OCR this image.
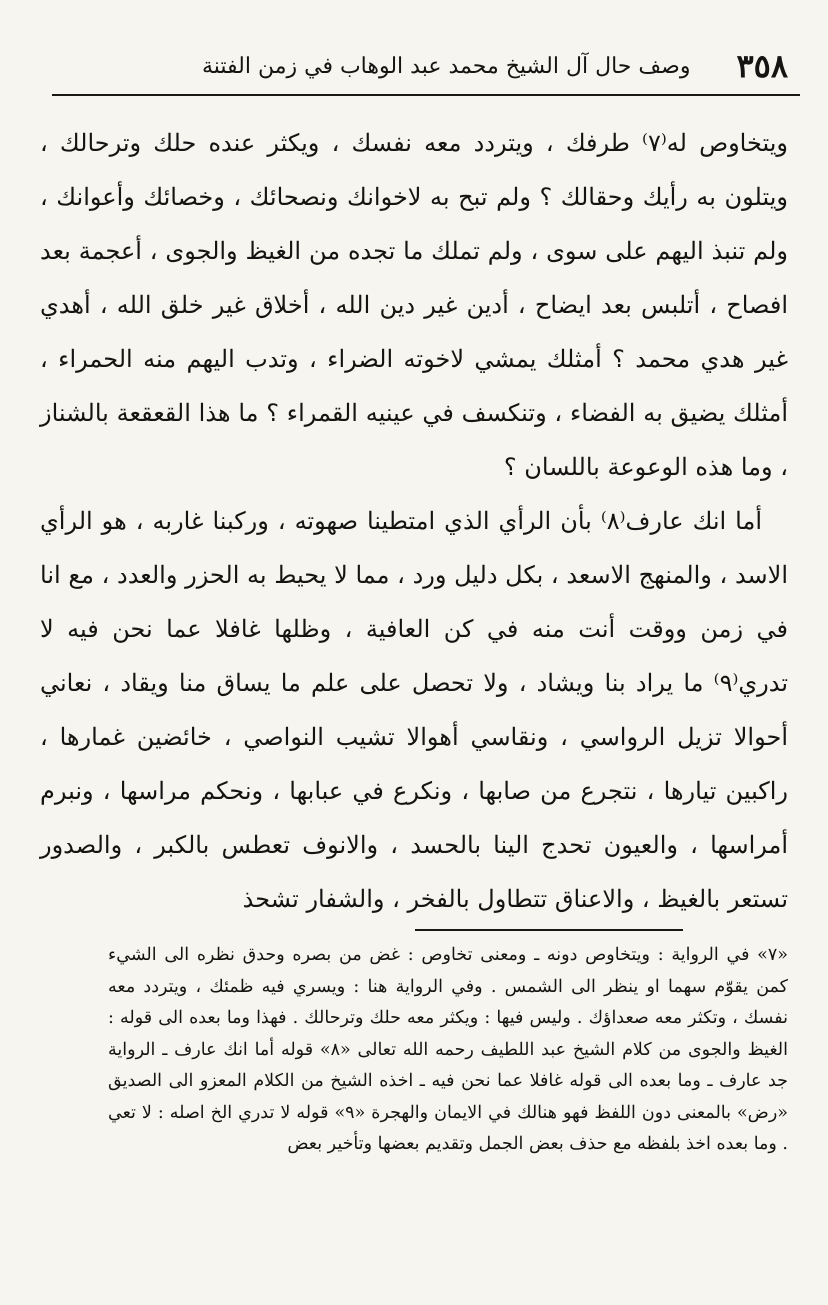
٣٥٨
وصف حال آل الشيخ محمد عبد الوهاب في زمن الفتنة

ويتخاوص له⁽٧⁾ طرفك ، ويتردد معه نفسك ، ويكثر عنده حلك وترحالك ، ويتلون به رأيك وحقالك ؟ ولم تبح به لاخوانك ونصحائك ، وخصائك وأعوانك ، ولم تنبذ اليهم على سوى ، ولم تملك ما تجده من الغيظ والجوى ، أعجمة بعد افصاح ، أتلبس بعد ايضاح ، أدين غير دين الله ، أخلاق غير خلق الله ، أهدي غير هدي محمد ؟ أمثلك يمشي لاخوته الضراء ، وتدب اليهم منه الحمراء ، أمثلك يضيق به الفضاء ، وتنكسف في عينيه القمراء ؟ ما هذا القعقعة بالشناز ، وما هذه الوعوعة باللسان ؟

أما انك عارف⁽٨⁾ بأن الرأي الذي امتطينا صهوته ، وركبنا غاربه ، هو الرأي الاسد ، والمنهج الاسعد ، بكل دليل ورد ، مما لا يحيط به الحزر والعدد ، مع انا في زمن ووقت أنت منه في كن العافية ، وظلها غافلا عما نحن فيه لا تدري⁽٩⁾ ما يراد بنا ويشاد ، ولا تحصل على علم ما يساق منا ويقاد ، نعاني أحوالا تزيل الرواسي ، ونقاسي أهوالا تشيب النواصي ، خائضين غمارها ، راكبين تيارها ، نتجرع من صابها ، ونكرع في عبابها ، ونحكم مراسها ، ونبرم أمراسها ، والعيون تحدج الينا بالحسد ، والانوف تعطس بالكبر ، والصدور تستعر بالغيظ ، والاعناق تتطاول بالفخر ، والشفار تشحذ

«٧» في الرواية : ويتخاوص دونه ـ ومعنى تخاوص : غض من بصره وحدق نظره الى الشيء كمن يقوّم سهما او ينظر الى الشمس . وفي الرواية هنا : ويسري فيه ظمئك ، ويتردد معه نفسك ، وتكثر معه صعداؤك . وليس فيها : ويكثر معه حلك وترحالك . فهذا وما بعده الى قوله : الغيظ والجوى من كلام الشيخ عبد اللطيف رحمه الله تعالى «٨» قوله أما انك عارف ـ الرواية جد عارف ـ وما بعده الى قوله غافلا عما نحن فيه ـ اخذه الشيخ من الكلام المعزو الى الصديق «رض» بالمعنى دون اللفظ فهو هنالك في الايمان والهجرة «٩» قوله لا تدري الخ اصله : لا تعي . وما بعده اخذ بلفظه مع حذف بعض الجمل وتقديم بعضها وتأخير بعض
